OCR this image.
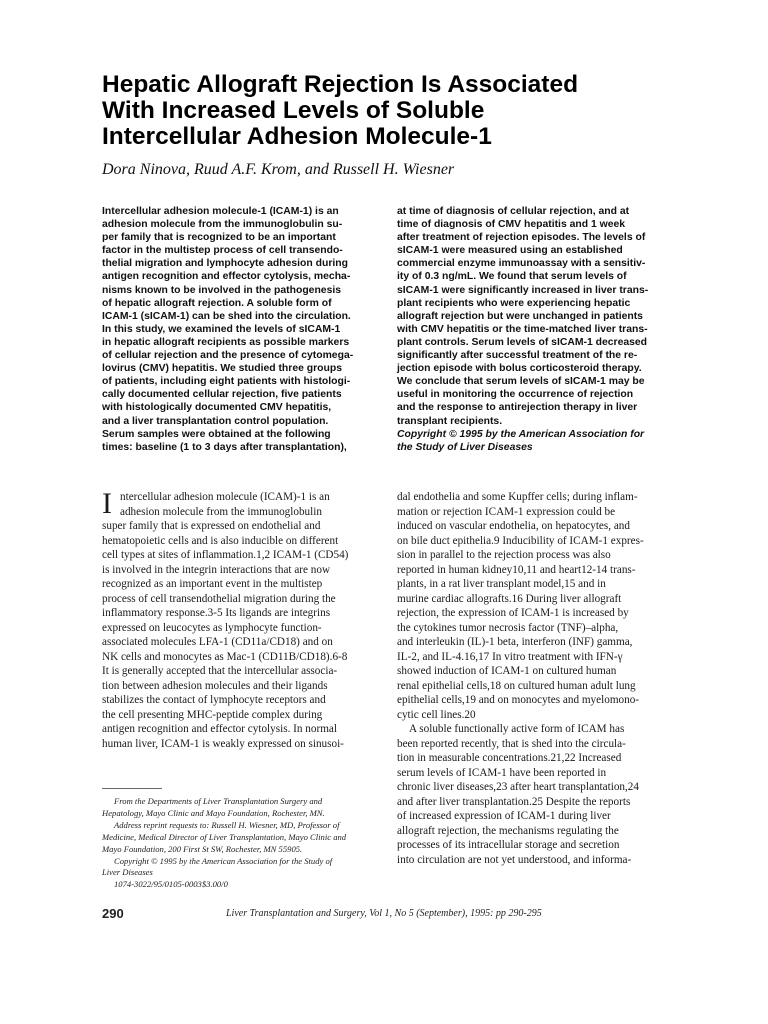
Hepatic Allograft Rejection Is Associated
With Increased Levels of Soluble
Intercellular Adhesion Molecule-1
Dora Ninova, Ruud A.F. Krom, and Russell H. Wiesner
Intercellular adhesion molecule-1 (ICAM-1) is an
adhesion molecule from the immunoglobulin su-
per family that is recognized to be an important
factor in the multistep process of cell transendo-
thelial migration and lymphocyte adhesion during
antigen recognition and effector cytolysis, mecha-
nisms known to be involved in the pathogenesis
of hepatic allograft rejection. A soluble form of
ICAM-1 (sICAM-1) can be shed into the circulation.
In this study, we examined the levels of sICAM-1
in hepatic allograft recipients as possible markers
of cellular rejection and the presence of cytomega-
lovirus (CMV) hepatitis. We studied three groups
of patients, including eight patients with histologi-
cally documented cellular rejection, five patients
with histologically documented CMV hepatitis,
and a liver transplantation control population.
Serum samples were obtained at the following
times: baseline (1 to 3 days after transplantation),
at time of diagnosis of cellular rejection, and at
time of diagnosis of CMV hepatitis and 1 week
after treatment of rejection episodes. The levels of
sICAM-1 were measured using an established
commercial enzyme immunoassay with a sensitiv-
ity of 0.3 ng/mL. We found that serum levels of
sICAM-1 were significantly increased in liver trans-
plant recipients who were experiencing hepatic
allograft rejection but were unchanged in patients
with CMV hepatitis or the time-matched liver trans-
plant controls. Serum levels of sICAM-1 decreased
significantly after successful treatment of the re-
jection episode with bolus corticosteroid therapy.
We conclude that serum levels of sICAM-1 may be
useful in monitoring the occurrence of rejection
and the response to antirejection therapy in liver
transplant recipients.
Copyright © 1995 by the American Association for
the Study of Liver Diseases
I ntercellular adhesion molecule (ICAM)-1 is an
adhesion molecule from the immunoglobulin
super family that is expressed on endothelial and
hematopoietic cells and is also inducible on different
cell types at sites of inflammation.1,2 ICAM-1 (CD54)
is involved in the integrin interactions that are now
recognized as an important event in the multistep
process of cell transendothelial migration during the
inflammatory response.3-5 Its ligands are integrins
expressed on leucocytes as lymphocyte function-
associated molecules LFA-1 (CD11a/CD18) and on
NK cells and monocytes as Mac-1 (CD11B/CD18).6-8
It is generally accepted that the intercellular associa-
tion between adhesion molecules and their ligands
stabilizes the contact of lymphocyte receptors and
the cell presenting MHC-peptide complex during
antigen recognition and effector cytolysis. In normal
human liver, ICAM-1 is weakly expressed on sinusoi-
dal endothelia and some Kupffer cells; during inflam-
mation or rejection ICAM-1 expression could be
induced on vascular endothelia, on hepatocytes, and
on bile duct epithelia.9 Inducibility of ICAM-1 expres-
sion in parallel to the rejection process was also
reported in human kidney10,11 and heart12-14 trans-
plants, in a rat liver transplant model,15 and in
murine cardiac allografts.16 During liver allograft
rejection, the expression of ICAM-1 is increased by
the cytokines tumor necrosis factor (TNF)–alpha,
and interleukin (IL)-1 beta, interferon (INF) gamma,
IL-2, and IL-4.16,17 In vitro treatment with IFN-γ
showed induction of ICAM-1 on cultured human
renal epithelial cells,18 on cultured human adult lung
epithelial cells,19 and on monocytes and myelomono-
cytic cell lines.20
A soluble functionally active form of ICAM has
been reported recently, that is shed into the circula-
tion in measurable concentrations.21,22 Increased
serum levels of ICAM-1 have been reported in
chronic liver diseases,23 after heart transplantation,24
and after liver transplantation.25 Despite the reports
of increased expression of ICAM-1 during liver
allograft rejection, the mechanisms regulating the
processes of its intracellular storage and secretion
into circulation are not yet understood, and informa-
From the Departments of Liver Transplantation Surgery and
Hepatology, Mayo Clinic and Mayo Foundation, Rochester, MN.
Address reprint requests to: Russell H. Wiesner, MD, Professor of
Medicine, Medical Director of Liver Transplantation, Mayo Clinic and
Mayo Foundation, 200 First St SW, Rochester, MN 55905.
Copyright © 1995 by the American Association for the Study of
Liver Diseases
1074-3022/95/0105-0003$3.00/0
290	Liver Transplantation and Surgery, Vol 1, No 5 (September), 1995: pp 290-295
